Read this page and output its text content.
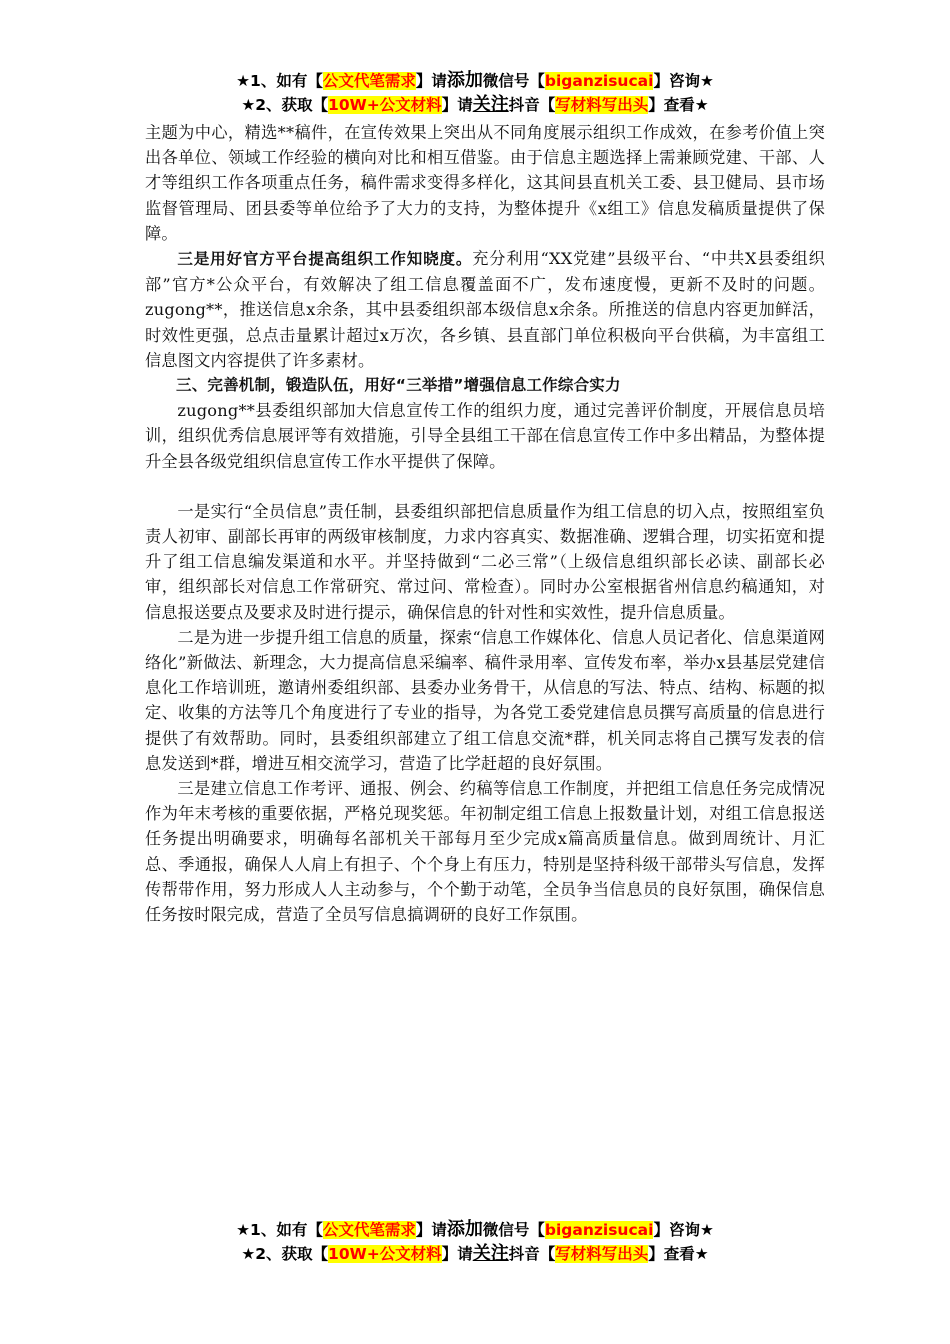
★1、如有【公文代笔需求】请添加微信号【biganzisucai】咨询★
★2、获取【10W+公文材料】请关注抖音【写材料写出头】查看★

主题为中心，精选**稿件，在宣传效果上突出从不同角度展示组织工作成效，在参考价值上突出各单位、领域工作经验的横向对比和相互借鉴。由于信息主题选择上需兼顾党建、干部、人才等组织工作各项重点任务，稿件需求变得多样化，这其间县直机关工委、县卫健局、县市场监督管理局、团县委等单位给予了大力的支持，为整体提升《x组工》信息发稿质量提供了保障。

三是用好官方平台提高组织工作知晓度。充分利用“XX党建”县级平台、“中共X县委组织部”官方*公众平台，有效解决了组工信息覆盖面不广，发布速度慢，更新不及时的问题。zugong**，推送信息x余条，其中县委组织部本级信息x余条。所推送的信息内容更加鲜活，时效性更强，总点击量累计超过x万次，各乡镇、县直部门单位积极向平台供稿，为丰富组工信息图文内容提供了许多素材。

三、完善机制，锻造队伍，用好“三举措”增强信息工作综合实力

zugong**县委组织部加大信息宣传工作的组织力度，通过完善评价制度，开展信息员培训，组织优秀信息展评等有效措施，引导全县组工干部在信息宣传工作中多出精品，为整体提升全县各级党组织信息宣传工作水平提供了保障。

一是实行“全员信息”责任制，县委组织部把信息质量作为组工信息的切入点，按照组室负责人初审、副部长再审的两级审核制度，力求内容真实、数据准确、逻辑合理，切实拓宽和提升了组工信息编发渠道和水平。并坚持做到“二必三常”（上级信息组织部长必读、副部长必审，组织部长对信息工作常研究、常过问、常检查）。同时办公室根据省州信息约稿通知，对信息报送要点及要求及时进行提示，确保信息的针对性和实效性，提升信息质量。

二是为进一步提升组工信息的质量，探索“信息工作媒体化、信息人员记者化、信息渠道网络化”新做法、新理念，大力提高信息采编率、稿件录用率、宣传发布率，举办x县基层党建信息化工作培训班，邀请州委组织部、县委办业务骨干，从信息的写法、特点、结构、标题的拟定、收集的方法等几个角度进行了专业的指导，为各党工委党建信息员撰写高质量的信息进行提供了有效帮助。同时，县委组织部建立了组工信息交流*群，机关同志将自己撰写发表的信息发送到*群，增进互相交流学习，营造了比学赶超的良好氛围。

三是建立信息工作考评、通报、例会、约稿等信息工作制度，并把组工信息任务完成情况作为年末考核的重要依据，严格兑现奖惩。年初制定组工信息上报数量计划，对组工信息报送任务提出明确要求，明确每名部机关干部每月至少完成x篇高质量信息。做到周统计、月汇总、季通报，确保人人肩上有担子、个个身上有压力，特别是坚持科级干部带头写信息，发挥传帮带作用，努力形成人人主动参与，个个勤于动笔，全员争当信息员的良好氛围，确保信息任务按时限完成，营造了全员写信息搞调研的良好工作氛围。

★1、如有【公文代笔需求】请添加微信号【biganzisucai】咨询★
★2、获取【10W+公文材料】请关注抖音【写材料写出头】查看★
